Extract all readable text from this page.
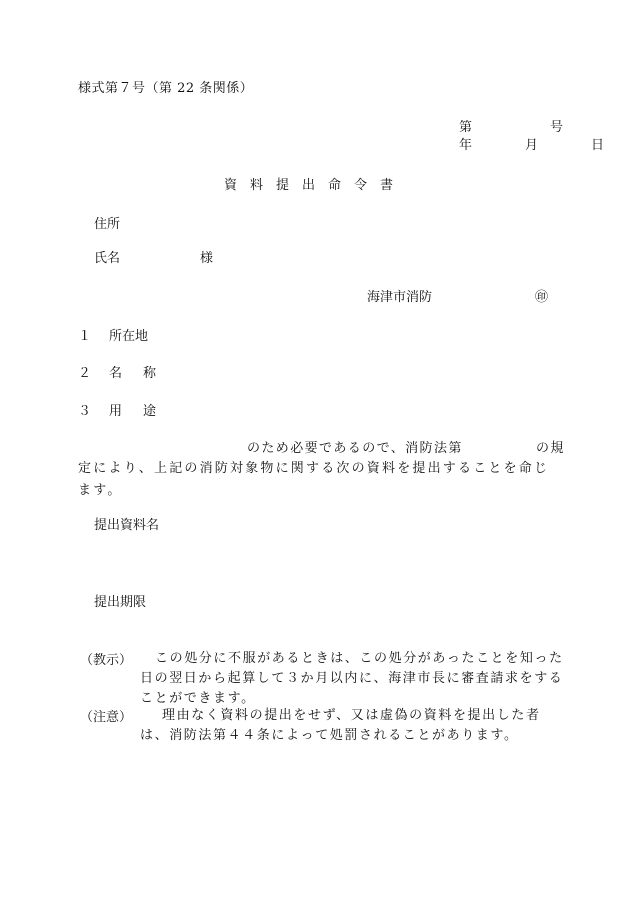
様式第７号（第 22 条関係）
第　　　　　　号
年　　月　　日
資　料　提　出　命　令　書
住所
氏名	様
海津市消防	㊞
１ 所在地
２ 名　称
３ 用　途
のため必要であるので、消防法第	の規
定により、上記の消防対象物に関する次の資料を提出することを命じます。
提出資料名
提出期限
（教示）	この処分に不服があるときは、この処分があったことを知った日の翌日から起算して３か月以内に、海津市長に審査請求をすることができます。
（注意）	理由なく資料の提出をせず、又は虚偽の資料を提出した者は、消防法第４４条によって処罰されることがあります。
